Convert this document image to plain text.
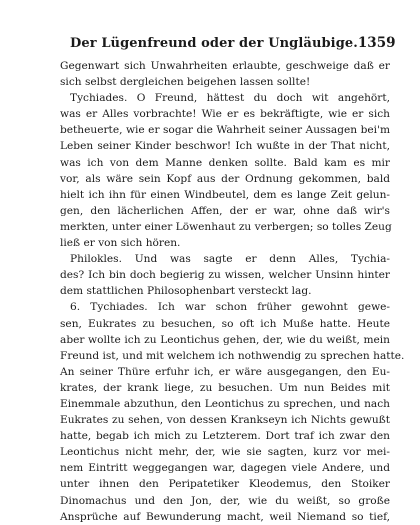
Der Lügenfreund oder der Ungläubige. 1359
Gegenwart sich Unwahrheiten erlaubte, geschweige daß er
sich selbst dergleichen beigehen lassen sollte!
Tychiades. O Freund, hättest du doch wit angehört,
was er Alles vorbrachte! Wie er es bekräftigte, wie er sich
betheuerte, wie er sogar die Wahrheit seiner Aussagen bei'm
Leben seiner Kinder beschwor! Ich wußte in der That nicht,
was ich von dem Manne denken sollte. Bald kam es mir
vor, als wäre sein Kopf aus der Ordnung gekommen, bald
hielt ich ihn für einen Windbeutel, dem es lange Zeit gelun-
gen, den lächerlichen Affen, der er war, ohne daß wir's
merkten, unter einer Löwenhaut zu verbergen; so tolles Zeug
ließ er von sich hören.
Philokles. Und was sagte er denn Alles, Tychia-
des? Ich bin doch begierig zu wissen, welcher Unsinn hinter
dem stattlichen Philosophenbart versteckt lag.
6. Tychiades. Ich war schon früher gewohnt gewe-
sen, Eukrates zu besuchen, so oft ich Muße hatte. Heute
aber wollte ich zu Leontichus gehen, der, wie du weißt, mein
Freund ist, und mit welchem ich nothwendig zu sprechen hatte.
An seiner Thüre erfuhr ich, er wäre ausgegangen, den Eu-
krates, der krank liege, zu besuchen. Um nun Beides mit
Einemmale abzuthun, den Leontichus zu sprechen, und nach
Eukrates zu sehen, von dessen Krankseyn ich Nichts gewußt
hatte, begab ich mich zu Letzterem. Dort traf ich zwar den
Leontichus nicht mehr, der, wie sie sagten, kurz vor mei-
nem Eintritt weggegangen war, dagegen viele Andere, und
unter ihnen den Peripatetiker Kleodemus, den Stoiker
Dinomachus und den Jon, der, wie du weißt, so große
Ansprüche auf Bewunderung macht, weil Niemand so tief,
